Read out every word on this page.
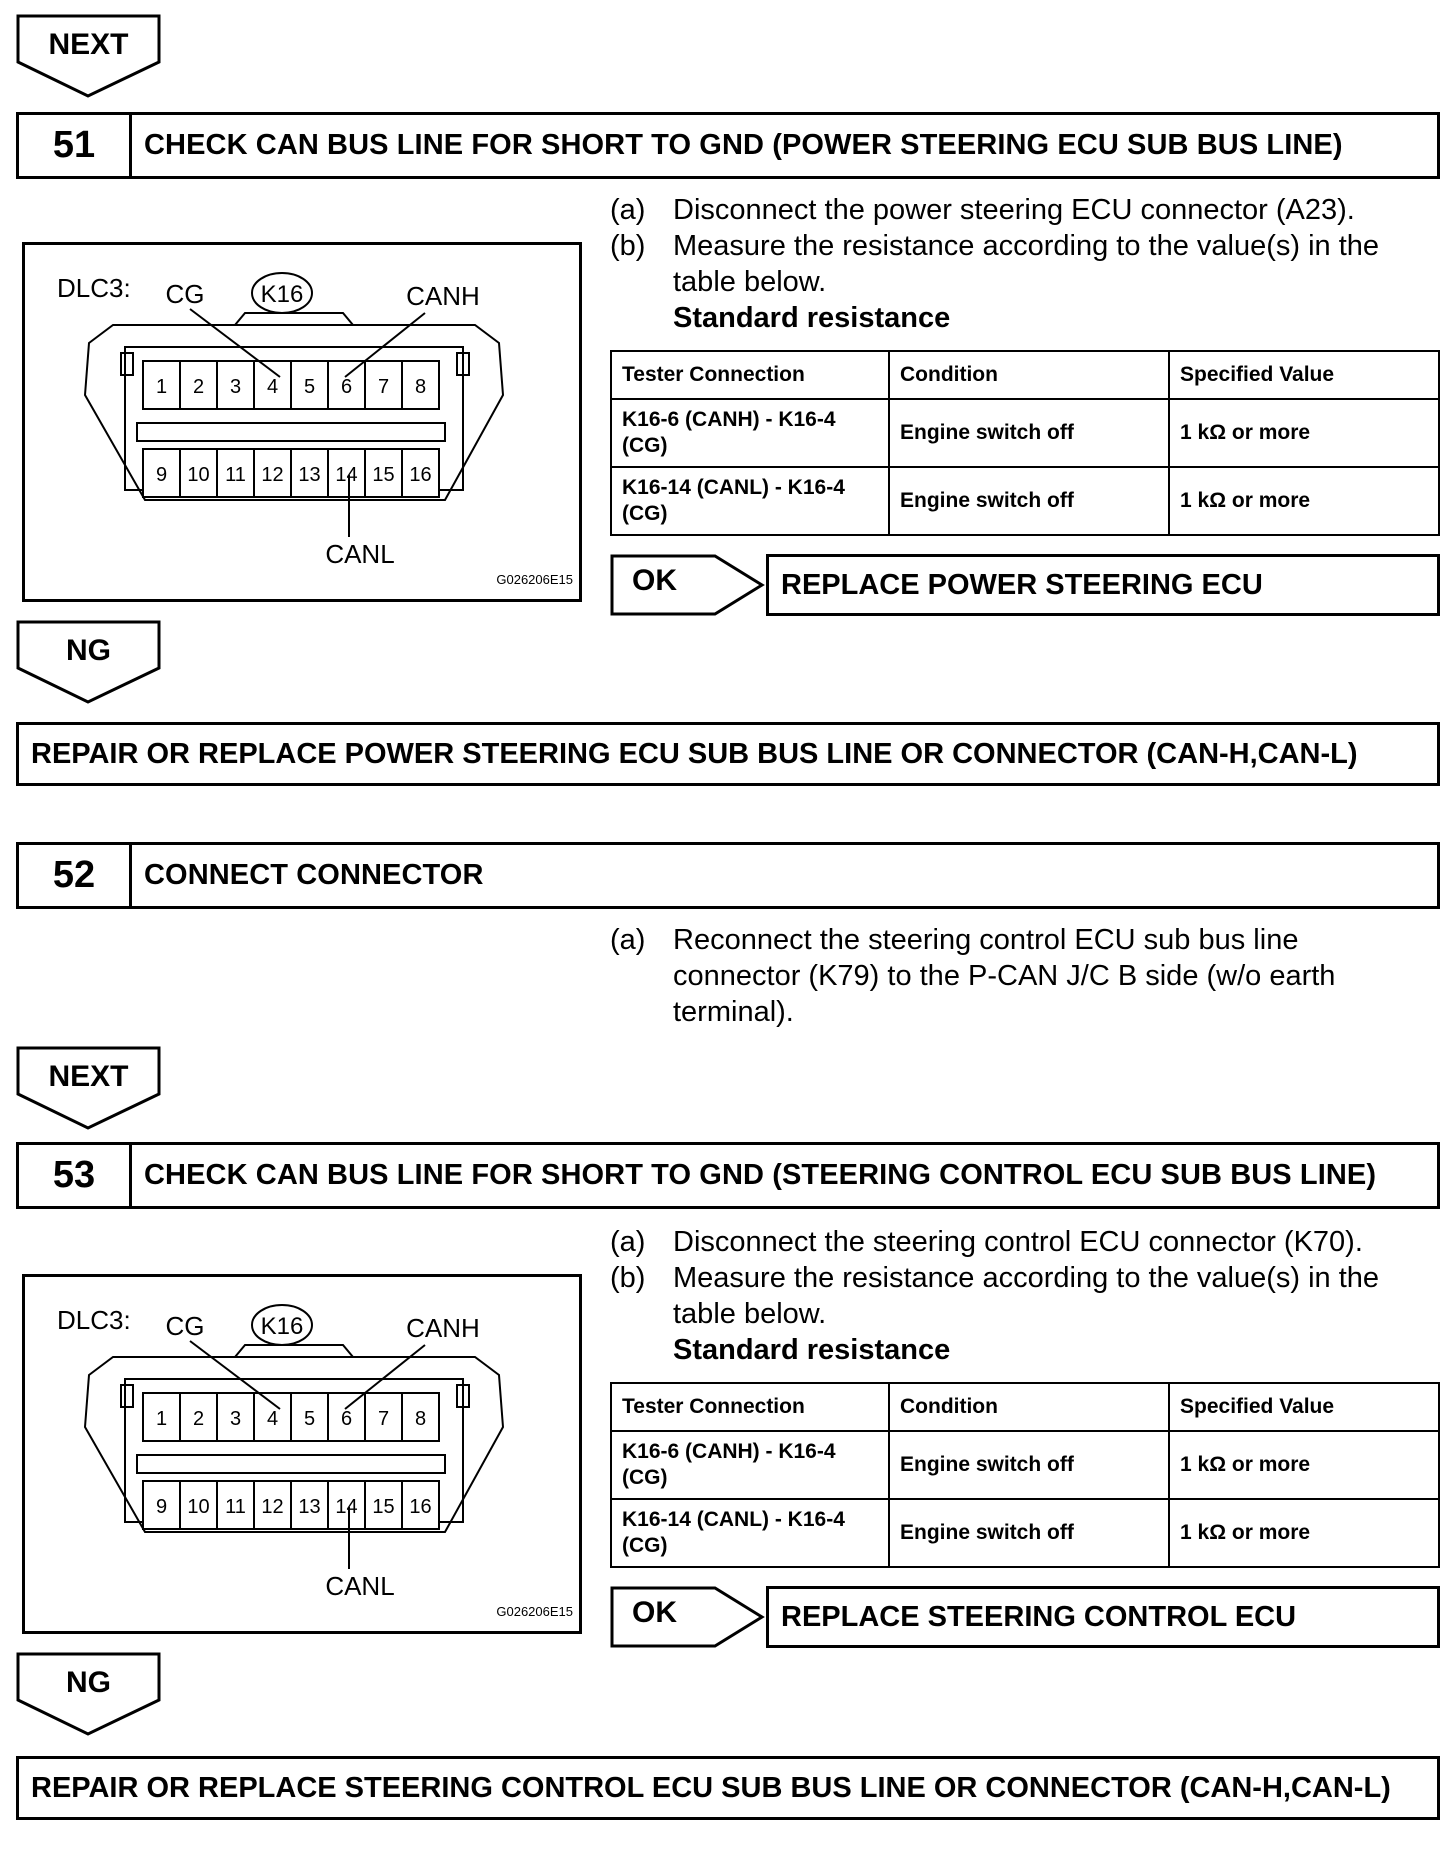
NEXT
51	CHECK CAN BUS LINE FOR SHORT TO GND (POWER STEERING ECU SUB BUS LINE)
(a) Disconnect the power steering ECU connector (A23).
(b) Measure the resistance according to the value(s) in the table below.
Standard resistance
DLC3: CG K16	CANH
1
9
2
10
3
11
4
12
5
13
6
14
7
15
8
16
CANL
G026206E15
Tester Connection	Condition	Specified Value
K16-6 (CANH) - K16-4 (CG)	Engine switch off	1 kΩ or more
K16-14 (CANL) - K16-4 (CG)	Engine switch off	1 kΩ or more
OK	REPLACE POWER STEERING ECU
NG
REPAIR OR REPLACE POWER STEERING ECU SUB BUS LINE OR CONNECTOR (CAN-H,CAN-L)
52	CONNECT CONNECTOR
(a) Reconnect the steering control ECU sub bus line connector (K79) to the P-CAN J/C B side (w/o earth terminal).
NEXT
53	CHECK CAN BUS LINE FOR SHORT TO GND (STEERING CONTROL ECU SUB BUS LINE)
(a) Disconnect the steering control ECU connector (K70).
(b) Measure the resistance according to the value(s) in the table below.
Standard resistance
DLC3: CG K16	CANH
1
9
2
10
3
11
4
12
5
13
6
14
7
15
8
16
CANL
G026206E15
Tester Connection	Condition	Specified Value
K16-6 (CANH) - K16-4 (CG)	Engine switch off	1 kΩ or more
K16-14 (CANL) - K16-4 (CG)	Engine switch off	1 kΩ or more
OK	REPLACE STEERING CONTROL ECU
NG
REPAIR OR REPLACE STEERING CONTROL ECU SUB BUS LINE OR CONNECTOR (CAN-H,CAN-L)
